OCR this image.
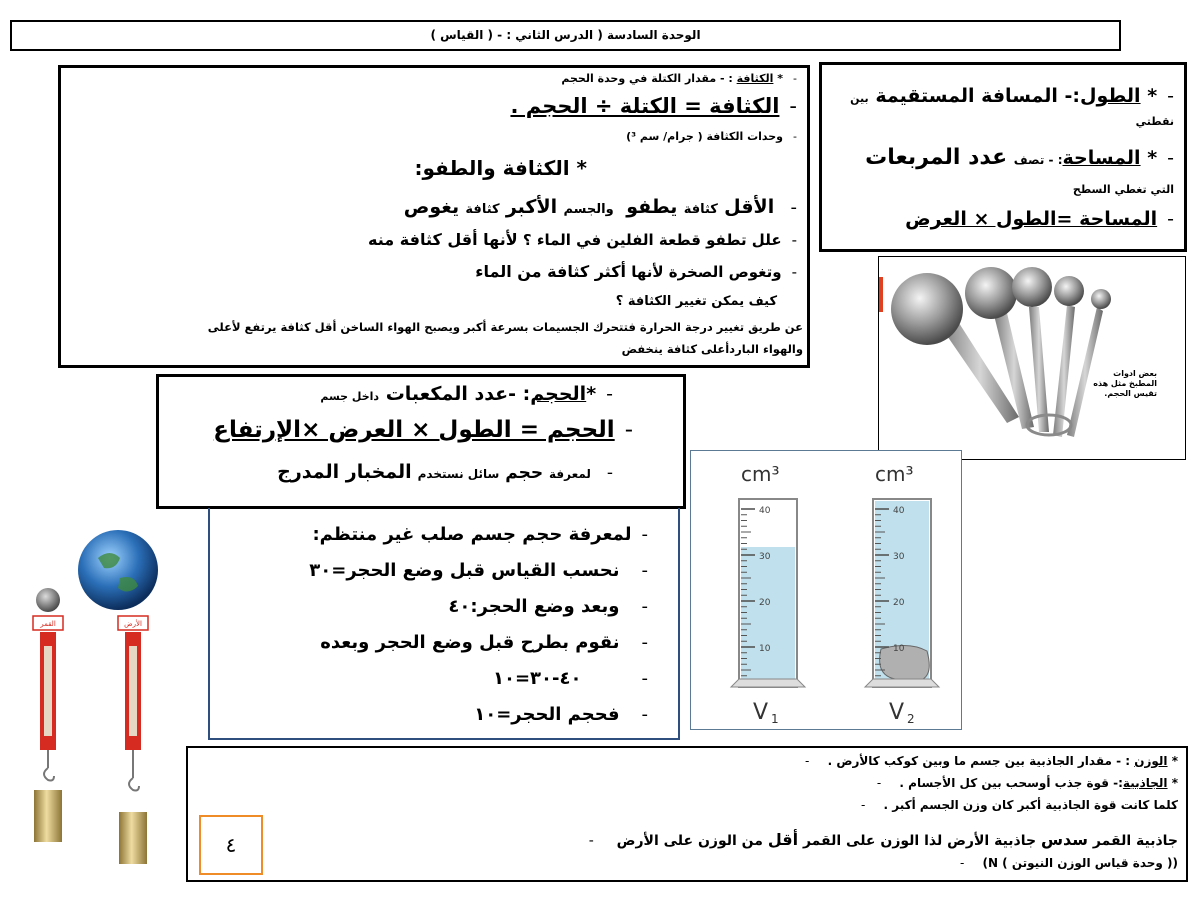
الوحدة السادسة ( الدرس الثاني : - ( القياس )
-* الطول:- المسافة المستقيمة بين
نقطتي
-* المساحة: - تصف عدد المربعات
التي تغطي السطح
-المساحة =الطول × العرض
-* الكثافة : - مقدار الكتلة في وحدة الحجم
-الكثافة = الكتلة ÷ الحجم .
-وحدات الكثافة ( جرام/ سم ³)
* الكثافة والطفو:
- الأقل كثافة يطفو  والجسم الأكبر كثافة يغوص
-علل تطفو قطعة الفلين في الماء ؟ لأنها أقل كثافة منه
-وتغوص الصخرة لأنها أكثر كثافة من الماء
كيف يمكن تغيير الكثافة ؟
عن طريق تغيير درجة الحرارة فتتحرك الجسيمات بسرعة أكبر ويصبح الهواء الساخن أقل كثافة يرتفع لأعلى
والهواء الباردأعلى كثافة ينخفض
بعض ادوات
المطبخ مثل هذه
تقيس الحجم.
-*الحجم: -عدد المكعبات داخل جسم
-الحجم = الطول × العرض ×الإرتفاع
- لمعرفة حجم سائل نستخدم المخبار المدرج
-لمعرفة حجم جسم صلب غير منتظم:
-نحسب القياس قبل وضع الحجر=٣٠
-وبعد وضع الحجر:٤٠
-نقوم بطرح قبل وضع الحجر وبعده
-٤٠-٣٠=١٠
-فحجم الحجر=١٠
cm³	cm³
40
30
20
10
40
30
20
10
V 1	V 2
القمر	الأرض
* الوزن : - مقدار الجاذبية بين جسم ما وبين كوكب كالأرض . -
* الجاذبية:- قوة جذب أوسحب بين كل الأجسام . -
كلما كانت قوة الجاذبية أكبر كان وزن الجسم أكبر . -
جاذبية القمر سدس جاذبية الأرض لذا الوزن على القمر أقل من الوزن على الأرض -
(( وحدة قياس الوزن النيوتن ) N) -
٤
